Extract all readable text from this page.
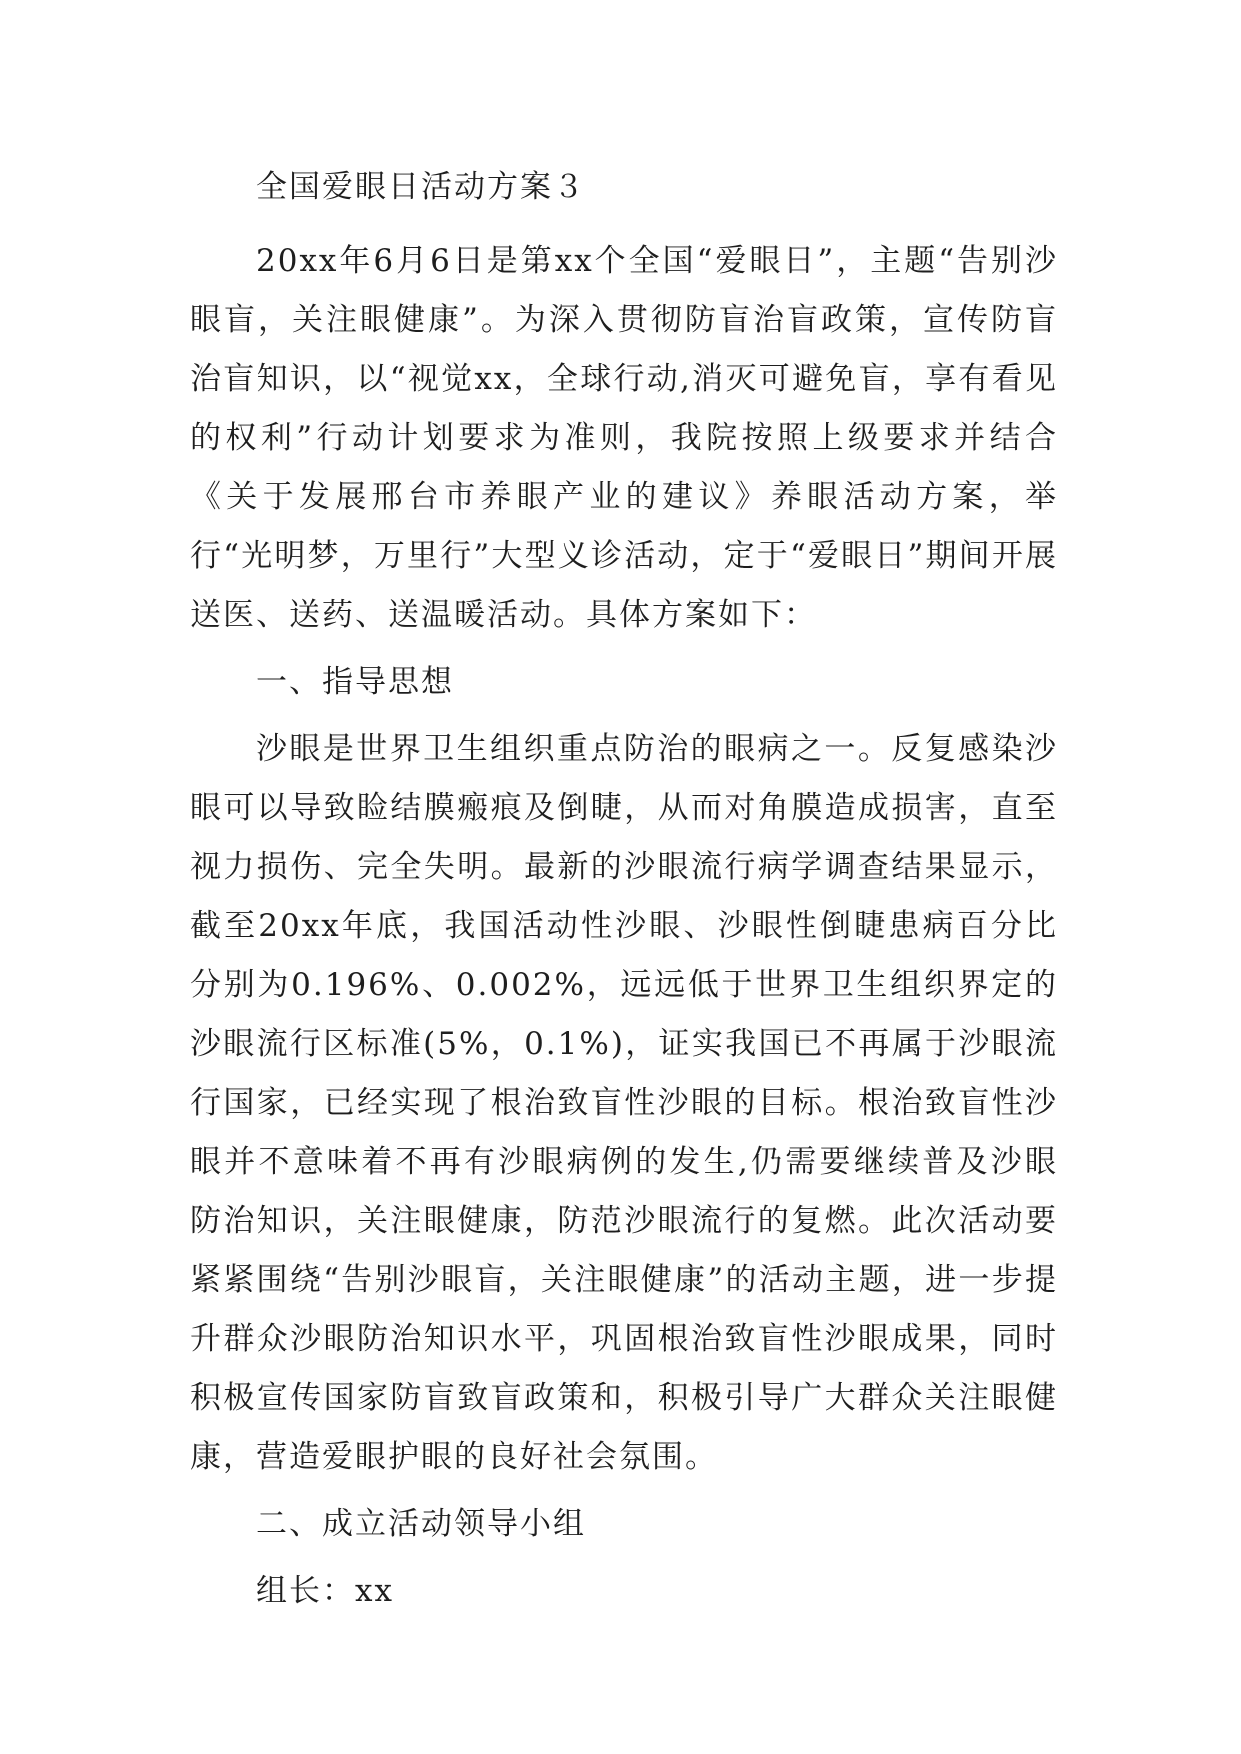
全国爱眼日活动方案３

20xx年6月6日是第xx个全国“爱眼日”，主题“告别沙眼盲，关注眼健康”。为深入贯彻防盲治盲政策，宣传防盲治盲知识，以“视觉xx，全球行动,消灭可避免盲，享有看见的权利”行动计划要求为准则，我院按照上级要求并结合《关于发展邢台市养眼产业的建议》养眼活动方案，举行“光明梦，万里行”大型义诊活动，定于“爱眼日”期间开展送医、送药、送温暖活动。具体方案如下：

一、指导思想

沙眼是世界卫生组织重点防治的眼病之一。反复感染沙眼可以导致睑结膜瘢痕及倒睫，从而对角膜造成损害，直至视力损伤、完全失明。最新的沙眼流行病学调查结果显示，截至20xx年底，我国活动性沙眼、沙眼性倒睫患病百分比分别为0.196%、0.002%，远远低于世界卫生组织界定的沙眼流行区标准(5%，0.1%)，证实我国已不再属于沙眼流行国家，已经实现了根治致盲性沙眼的目标。根治致盲性沙眼并不意味着不再有沙眼病例的发生,仍需要继续普及沙眼防治知识，关注眼健康，防范沙眼流行的复燃。此次活动要紧紧围绕“告别沙眼盲，关注眼健康”的活动主题，进一步提升群众沙眼防治知识水平，巩固根治致盲性沙眼成果，同时积极宣传国家防盲致盲政策和，积极引导广大群众关注眼健康，营造爱眼护眼的良好社会氛围。

二、成立活动领导小组

组长：xx
